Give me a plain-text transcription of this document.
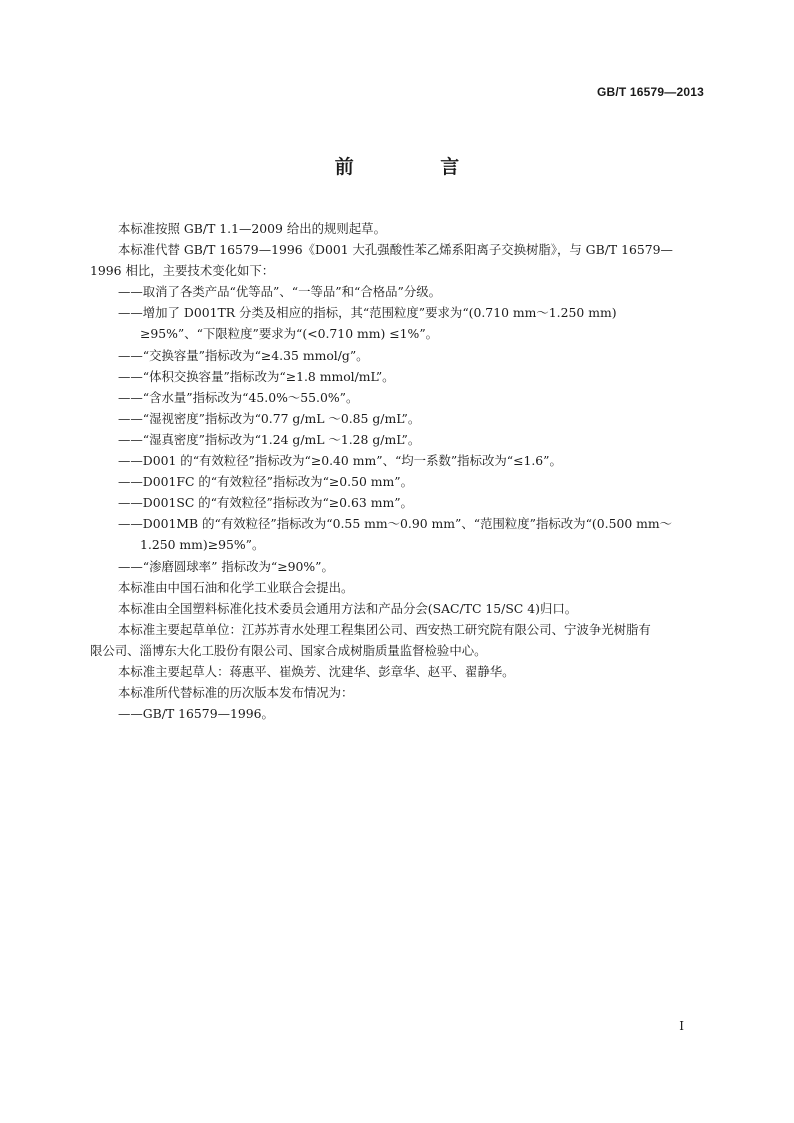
GB/T 16579—2013
前 言

本标准按照 GB/T 1.1—2009 给出的规则起草。

本标准代替 GB/T 16579—1996《D001 大孔强酸性苯乙烯系阳离子交换树脂》，与 GB/T 16579—

1996 相比，主要技术变化如下：

——取消了各类产品“优等品”、“一等品”和“合格品”分级。

——增加了 D001TR 分类及相应的指标，其“范围粒度”要求为“(0.710 mm～1.250 mm)

≥95%”、“下限粒度”要求为“(<0.710 mm) ≤1%”。

——“交换容量”指标改为“≥4.35 mmol/g”。

——“体积交换容量”指标改为“≥1.8 mmol/mL”。

——“含水量”指标改为“45.0%～55.0%”。

——“湿视密度”指标改为“0.77 g/mL ～0.85 g/mL”。

——“湿真密度”指标改为“1.24 g/mL ～1.28 g/mL”。

——D001 的“有效粒径”指标改为“≥0.40 mm”、“均一系数”指标改为“≤1.6”。

——D001FC 的“有效粒径”指标改为“≥0.50 mm”。

——D001SC 的“有效粒径”指标改为“≥0.63 mm”。

——D001MB 的“有效粒径”指标改为“0.55 mm～0.90 mm”、“范围粒度”指标改为“(0.500 mm～

1.250 mm)≥95%”。

——“渗磨圆球率” 指标改为“≥90%”。

本标准由中国石油和化学工业联合会提出。

本标准由全国塑料标准化技术委员会通用方法和产品分会(SAC/TC 15/SC 4)归口。

本标准主要起草单位：江苏苏青水处理工程集团公司、西安热工研究院有限公司、宁波争光树脂有

限公司、淄博东大化工股份有限公司、国家合成树脂质量监督检验中心。

本标准主要起草人：蒋惠平、崔焕芳、沈建华、彭章华、赵平、翟静华。

本标准所代替标准的历次版本发布情况为：

——GB/T 16579—1996。

I
